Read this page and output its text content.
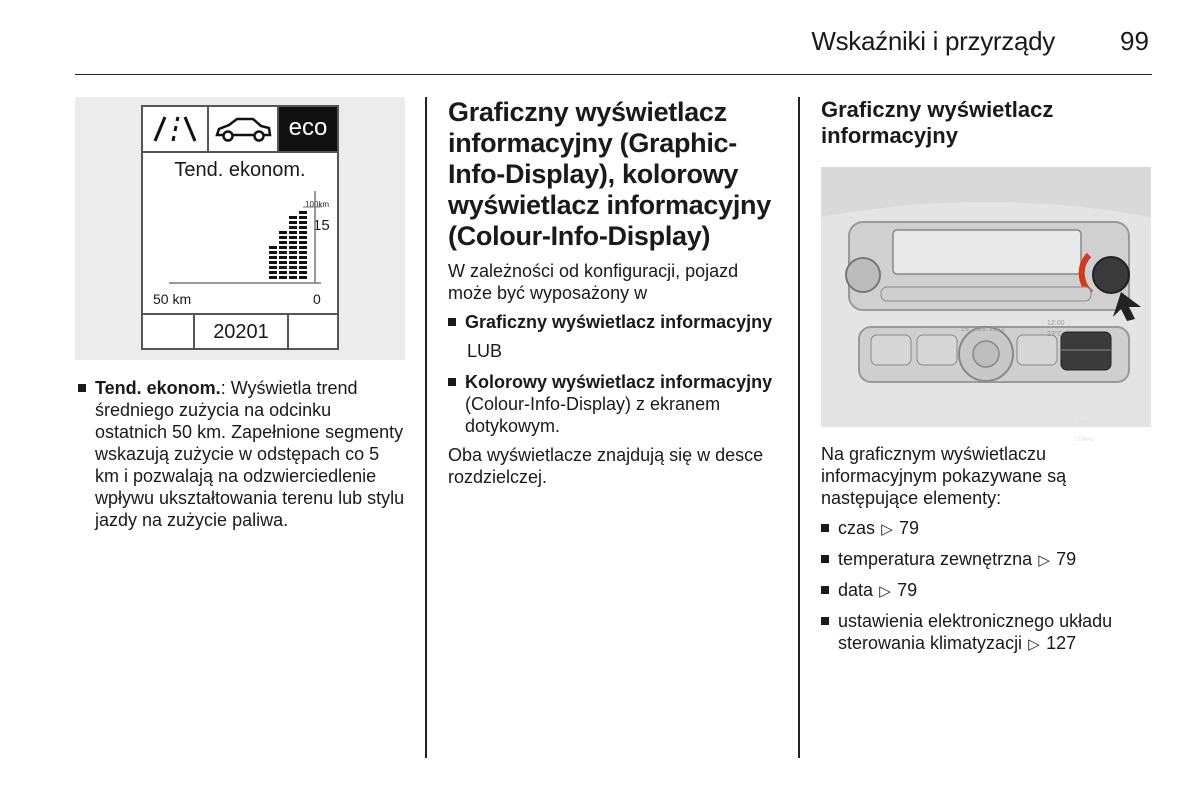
Wskaźniki i przyrządy	99
eco
Tend. ekonom.
100km
15
50 km	0
20201
Tend. ekonom.: Wyświetla trend średniego zużycia na odcinku ostatnich 50 km. Zapełnione segmenty wskazują zużycie w odstępach co 5 km i pozwalają na odzwierciedlenie wpływu ukształtowania terenu lub stylu jazdy na zużycie paliwa.
Graficzny wyświetlacz informacyjny (Graphic-Info-Display), kolorowy wyświetlacz informacyjny (Colour-Info-Display)

W zależności od konfiguracji, pojazd może być wyposażony w

Graficzny wyświetlacz informacyjny

LUB

Kolorowy wyświetlacz informacyjny (Colour-Info-Display) z ekranem dotykowym.

Oba wyświetlacze znajdują się w desce rozdzielczej.

Graficzny wyświetlacz informacyjny
28. Juni. 2012
12:00
23°C
BACK
CONFIG

Na graficznym wyświetlaczu informacyjnym pokazywane są następujące elementy:

czas ▷ 79
temperatura zewnętrzna ▷ 79
data ▷ 79
ustawienia elektronicznego układu sterowania klimatyzacji ▷ 127
